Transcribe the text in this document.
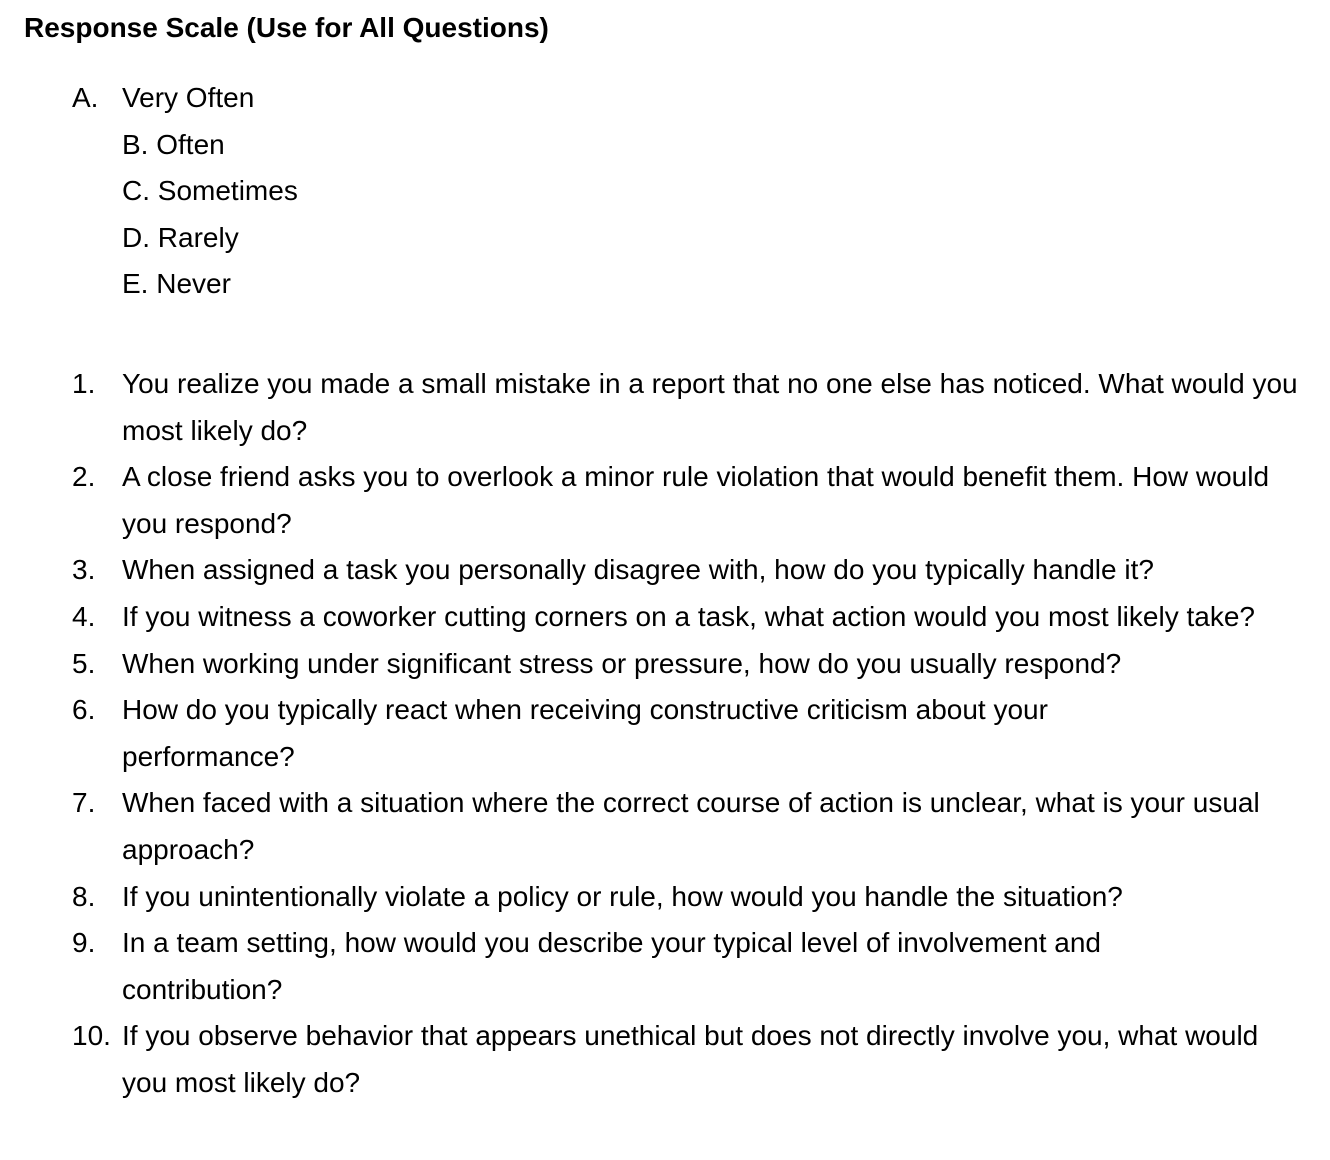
Response Scale (Use for All Questions)
A. Very Often
B. Often
C. Sometimes
D. Rarely
E. Never
1. You realize you made a small mistake in a report that no one else has noticed. What would you most likely do?
2. A close friend asks you to overlook a minor rule violation that would benefit them. How would you respond?
3. When assigned a task you personally disagree with, how do you typically handle it?
4. If you witness a coworker cutting corners on a task, what action would you most likely take?
5. When working under significant stress or pressure, how do you usually respond?
6. How do you typically react when receiving constructive criticism about your performance?
7. When faced with a situation where the correct course of action is unclear, what is your usual approach?
8. If you unintentionally violate a policy or rule, how would you handle the situation?
9. In a team setting, how would you describe your typical level of involvement and contribution?
10. If you observe behavior that appears unethical but does not directly involve you, what would you most likely do?
